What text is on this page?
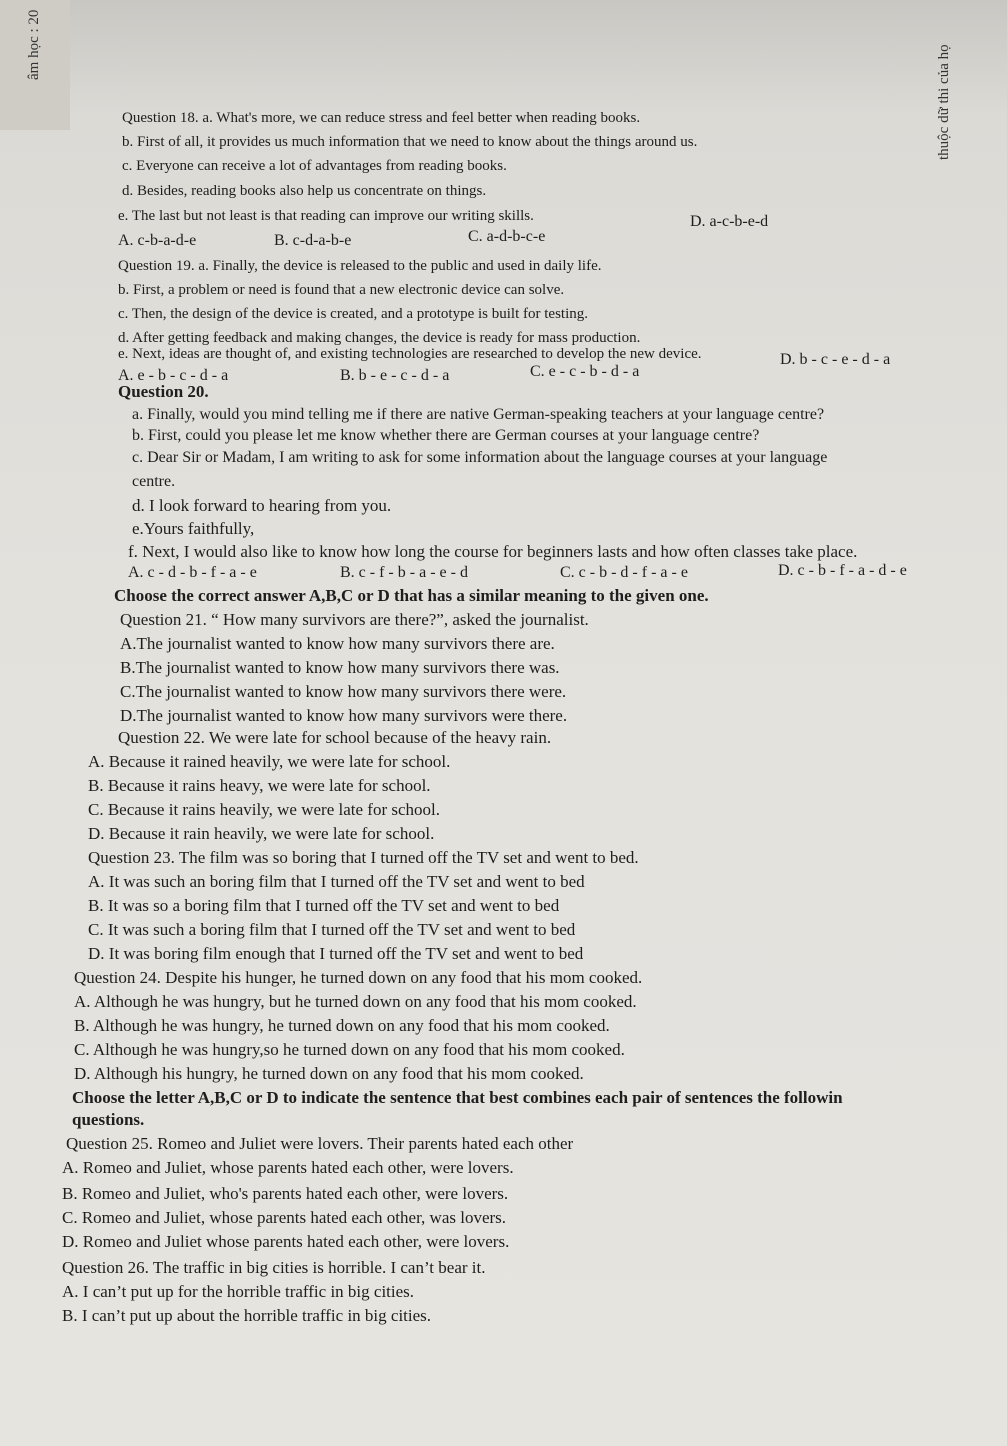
âm học : 20	thuộc dữ thi của họ
Question 18. a. What's more, we can reduce stress and feel better when reading books.
b. First of all, it provides us much information that we need to know about the things around us.
c. Everyone can receive a lot of advantages from reading books.
d. Besides, reading books also help us concentrate on things.
e. The last but not least is that reading can improve our writing skills.
A. c-b-a-d-e	B. c-d-a-b-e	C. a-d-b-c-e
D. a-c-b-e-d
Question 19. a. Finally, the device is released to the public and used in daily life.
b. First, a problem or need is found that a new electronic device can solve.
c. Then, the design of the device is created, and a prototype is built for testing.
d. After getting feedback and making changes, the device is ready for mass production.
e. Next, ideas are thought of, and existing technologies are researched to develop the new device.
A. e - b - c - d - a	B. b - e - c - d - a	C. e - c - b - d - a
D. b - c - e - d - a
Question 20.
a. Finally, would you mind telling me if there are native German-speaking teachers at your language centre?
b. First, could you please let me know whether there are German courses at your language centre?
c. Dear Sir or Madam, I am writing to ask for some information about the language courses at your language
centre.
d. I look forward to hearing from you.
e.Yours faithfully,
f. Next, I would also like to know how long the course for beginners lasts and how often classes take place.
A. c - d - b - f - a - e	B. c - f - b - a - e - d	C. c - b - d - f - a - e	D. c - b - f - a - d - e
Choose the correct answer A,B,C or D that has a similar meaning to the given one.
Question 21. “ How many survivors are there?”, asked the journalist.
A.The journalist wanted to know how many survivors there are.
B.The journalist wanted to know how many survivors there was.
C.The journalist wanted to know how many survivors there were.
D.The journalist wanted to know how many survivors were there.
Question 22. We were late for school because of the heavy rain.
A. Because it rained heavily, we were late for school.
B. Because it rains heavy, we were late for school.
C. Because it rains heavily, we were late for school.
D. Because it rain heavily, we were late for school.
Question 23. The film was so boring that I turned off the TV set and went to bed.
A. It was such an boring film that I turned off the TV set and went to bed
B. It was so a boring film that I turned off the TV set and went to bed
C. It was such a boring film that I turned off the TV set and went to bed
D. It was boring film enough that I turned off the TV set and went to bed
Question 24. Despite his hunger, he turned down on any food that his mom cooked.
A. Although he was hungry, but he turned down on any food that his mom cooked.
B. Although he was hungry, he turned down on any food that his mom cooked.
C. Although he was hungry,so he turned down on any food that his mom cooked.
D. Although his hungry, he turned down on any food that his mom cooked.
Choose the letter A,B,C or D to indicate the sentence that best combines each pair of sentences the followin
questions.
Question 25. Romeo and Juliet were lovers. Their parents hated each other
A. Romeo and Juliet, whose parents hated each other, were lovers.
B. Romeo and Juliet, who's parents hated each other, were lovers.
C. Romeo and Juliet, whose parents hated each other, was lovers.
D. Romeo and Juliet whose parents hated each other, were lovers.
Question 26. The traffic in big cities is horrible. I can’t bear it.
A. I can’t put up for the horrible traffic in big cities.
B. I can’t put up about the horrible traffic in big cities.
